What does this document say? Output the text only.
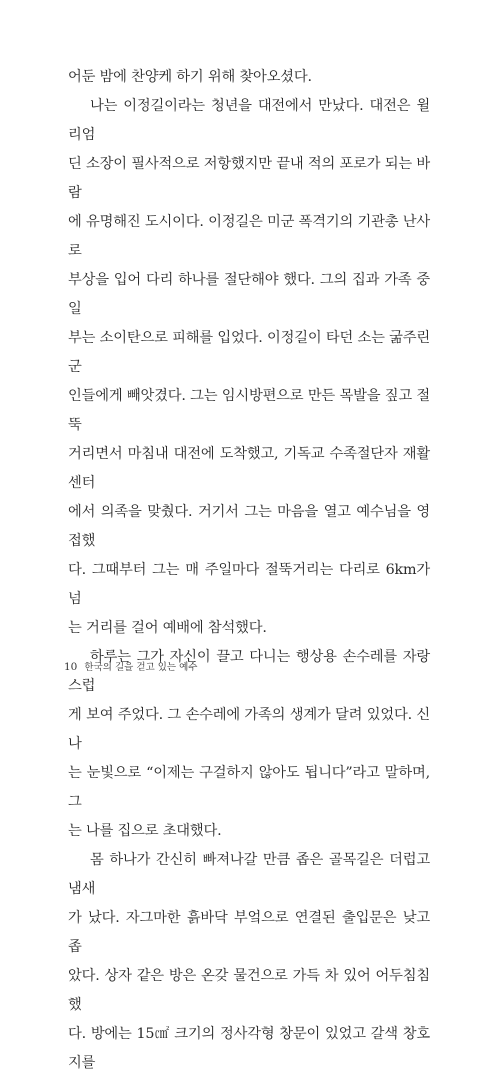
어둔 밤에 찬양케 하기 위해 찾아오셨다.

나는 이정길이라는 청년을 대전에서 만났다. 대전은 윌리엄

딘 소장이 필사적으로 저항했지만 끝내 적의 포로가 되는 바람

에 유명해진 도시이다. 이정길은 미군 폭격기의 기관총 난사로

부상을 입어 다리 하나를 절단해야 했다. 그의 집과 가족 중 일

부는 소이탄으로 피해를 입었다. 이정길이 타던 소는 굶주린 군

인들에게 빼앗겼다. 그는 임시방편으로 만든 목발을 짚고 절뚝

거리면서 마침내 대전에 도착했고, 기독교 수족절단자 재활센터

에서 의족을 맞췄다. 거기서 그는 마음을 열고 예수님을 영접했

다. 그때부터 그는 매 주일마다 절뚝거리는 다리로 6km가 넘

는 거리를 걸어 예배에 참석했다.

하루는 그가 자신이 끌고 다니는 행상용 손수레를 자랑스럽

게 보여 주었다. 그 손수레에 가족의 생계가 달려 있었다. 신나

는 눈빛으로 “이제는 구걸하지 않아도 됩니다”라고 말하며, 그

는 나를 집으로 초대했다.

몸 하나가 간신히 빠져나갈 만큼 좁은 골목길은 더럽고 냄새

가 났다. 자그마한 흙바닥 부엌으로 연결된 출입문은 낮고 좁

았다. 상자 같은 방은 온갖 물건으로 가득 차 있어 어두침침했

다. 방에는 15㎠ 크기의 정사각형 창문이 있었고 갈색 창호지를

10 한국의 길을 걷고 있는 예수
